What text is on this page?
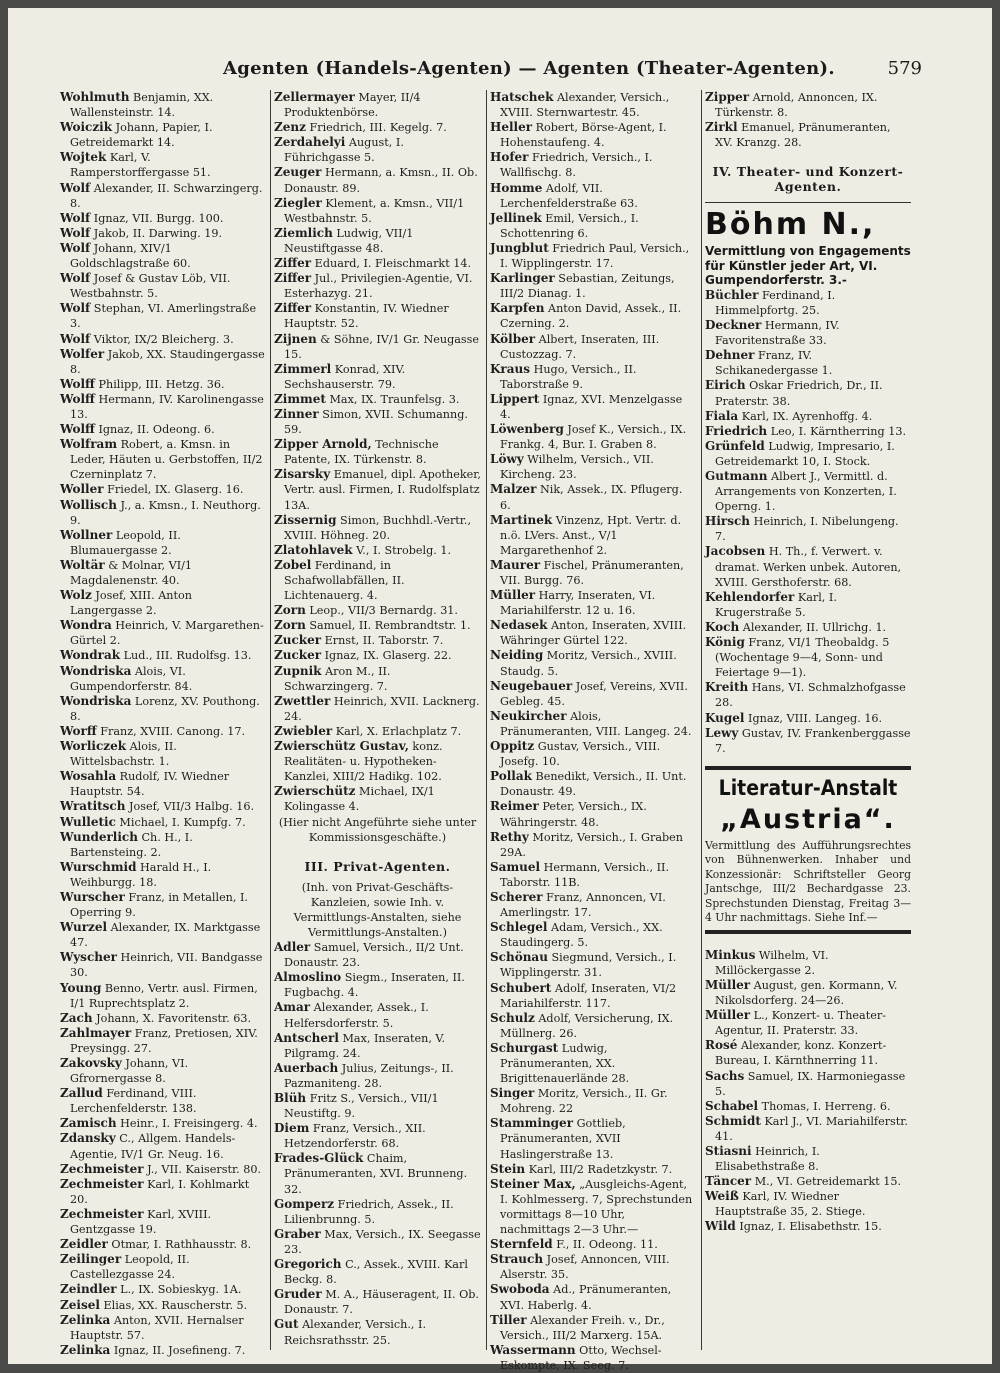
Agenten (Handels-Agenten) — Agenten (Theater-Agenten).	579

Wohlmuth Benjamin, XX. Wallensteinstr. 14.

Woiczik Johann, Papier, I. Getreidemarkt 14.

Wojtek Karl, V. Ramperstorffergasse 51.

Wolf Alexander, II. Schwarzingerg. 8.

Wolf Ignaz, VII. Burgg. 100.

Wolf Jakob, II. Darwing. 19.

Wolf Johann, XIV/1 Goldschlagstraße 60.

Wolf Josef & Gustav Löb, VII. Westbahnstr. 5.

Wolf Stephan, VI. Amerlingstraße 3.

Wolf Viktor, IX/2 Bleicherg. 3.

Wolfer Jakob, XX. Staudingergasse 8.

Wolff Philipp, III. Hetzg. 36.

Wolff Hermann, IV. Karolinengasse 13.

Wolff Ignaz, II. Odeong. 6.

Wolfram Robert, a. Kmsn. in Leder, Häuten u. Gerbstoffen, II/2 Czerninplatz 7.

Woller Friedel, IX. Glaserg. 16.

Wollisch J., a. Kmsn., I. Neuthorg. 9.

Wollner Leopold, II. Blumauergasse 2.

Woltär & Molnar, VI/1 Magdalenenstr. 40.

Wolz Josef, XIII. Anton Langergasse 2.

Wondra Heinrich, V. Margarethen-Gürtel 2.

Wondrak Lud., III. Rudolfsg. 13.

Wondriska Alois, VI. Gumpendorferstr. 84.

Wondriska Lorenz, XV. Pouthong. 8.

Worff Franz, XVIII. Canong. 17.

Worliczek Alois, II. Wittelsbachstr. 1.

Wosahla Rudolf, IV. Wiedner Hauptstr. 54.

Wratitsch Josef, VII/3 Halbg. 16.

Wulletic Michael, I. Kumpfg. 7.

Wunderlich Ch. H., I. Bartensteing. 2.

Wurschmid Harald H., I. Weihburgg. 18.

Wurscher Franz, in Metallen, I. Operring 9.

Wurzel Alexander, IX. Marktgasse 47.

Wyscher Heinrich, VII. Bandgasse 30.

Young Benno, Vertr. ausl. Firmen, I/1 Ruprechtsplatz 2.

Zach Johann, X. Favoritenstr. 63.

Zahlmayer Franz, Pretiosen, XIV. Preysingg. 27.

Zakovsky Johann, VI. Gfrornergasse 8.

Zallud Ferdinand, VIII. Lerchenfelderstr. 138.

Zamisch Heinr., I. Freisingerg. 4.

Zdansky C., Allgem. Handels-Agentie, IV/1 Gr. Neug. 16.

Zechmeister J., VII. Kaiserstr. 80.

Zechmeister Karl, I. Kohlmarkt 20.

Zechmeister Karl, XVIII. Gentzgasse 19.

Zeidler Otmar, I. Rathhausstr. 8.

Zeilinger Leopold, II. Castellezgasse 24.

Zeindler L., IX. Sobieskyg. 1A.

Zeisel Elias, XX. Rauscherstr. 5.

Zelinka Anton, XVII. Hernalser Hauptstr. 57.

Zelinka Ignaz, II. Josefineng. 7.

Zellermayer Mayer, II/4 Produktenbörse.

Zenz Friedrich, III. Kegelg. 7.

Zerdahelyi August, I. Führichgasse 5.

Zeuger Hermann, a. Kmsn., II. Ob. Donaustr. 89.

Ziegler Klement, a. Kmsn., VII/1 Westbahnstr. 5.

Ziemlich Ludwig, VII/1 Neustiftgasse 48.

Ziffer Eduard, I. Fleischmarkt 14.

Ziffer Jul., Privilegien-Agentie, VI. Esterhazyg. 21.

Ziffer Konstantin, IV. Wiedner Hauptstr. 52.

Zijnen & Söhne, IV/1 Gr. Neugasse 15.

Zimmerl Konrad, XIV. Sechshauserstr. 79.

Zimmet Max, IX. Traunfelsg. 3.

Zinner Simon, XVII. Schumanng. 59.

Zipper Arnold, Technische Patente, IX. Türkenstr. 8.

Zisarsky Emanuel, dipl. Apotheker, Vertr. ausl. Firmen, I. Rudolfsplatz 13A.

Zissernig Simon, Buchhdl.-Vertr., XVIII. Höhneg. 20.

Zlatohlavek V., I. Strobelg. 1.

Zobel Ferdinand, in Schafwollabfällen, II. Lichtenauerg. 4.

Zorn Leop., VII/3 Bernardg. 31.

Zorn Samuel, II. Rembrandtstr. 1.

Zucker Ernst, II. Taborstr. 7.

Zucker Ignaz, IX. Glaserg. 22.

Zupnik Aron M., II. Schwarzingerg. 7.

Zwettler Heinrich, XVII. Lacknerg. 24.

Zwiebler Karl, X. Erlachplatz 7.

Zwierschütz Gustav, konz. Realitäten- u. Hypotheken-Kanzlei, XIII/2 Hadikg. 102.

Zwierschütz Michael, IX/1 Kolingasse 4.

(Hier nicht Angeführte siehe unter Kommissionsgeschäfte.)
III. Privat-Agenten.
(Inh. von Privat-Geschäfts-Kanzleien, sowie Inh. v. Vermittlungs-Anstalten, siehe Vermittlungs-Anstalten.)

Adler Samuel, Versich., II/2 Unt. Donaustr. 23.

Almoslino Siegm., Inseraten, II. Fugbachg. 4.

Amar Alexander, Assek., I. Helfersdorferstr. 5.

Antscherl Max, Inseraten, V. Pilgramg. 24.

Auerbach Julius, Zeitungs-, II. Pazmaniteng. 28.

Blüh Fritz S., Versich., VII/1 Neustiftg. 9.

Diem Franz, Versich., XII. Hetzendorferstr. 68.

Frades-Glück Chaim, Pränumeranten, XVI. Brunneng. 32.

Gomperz Friedrich, Assek., II. Lilienbrunng. 5.

Graber Max, Versich., IX. Seegasse 23.

Gregorich C., Assek., XVIII. Karl Beckg. 8.

Gruder M. A., Häuseragent, II. Ob. Donaustr. 7.

Gut Alexander, Versich., I. Reichsrathsstr. 25.

Hatschek Alexander, Versich., XVIII. Sternwartestr. 45.

Heller Robert, Börse-Agent, I. Hohenstaufeng. 4.

Hofer Friedrich, Versich., I. Wallfischg. 8.

Homme Adolf, VII. Lerchenfelderstraße 63.

Jellinek Emil, Versich., I. Schottenring 6.

Jungblut Friedrich Paul, Versich., I. Wipplingerstr. 17.

Karlinger Sebastian, Zeitungs, III/2 Dianag. 1.

Karpfen Anton David, Assek., II. Czerning. 2.

Kölber Albert, Inseraten, III. Custozzag. 7.

Kraus Hugo, Versich., II. Taborstraße 9.

Lippert Ignaz, XVI. Menzelgasse 4.

Löwenberg Josef K., Versich., IX. Frankg. 4, Bur. I. Graben 8.

Löwy Wilhelm, Versich., VII. Kircheng. 23.

Malzer Nik, Assek., IX. Pflugerg. 6.

Martinek Vinzenz, Hpt. Vertr. d. n.ö. LVers. Anst., V/1 Margarethenhof 2.

Maurer Fischel, Pränumeranten, VII. Burgg. 76.

Müller Harry, Inseraten, VI. Mariahilferstr. 12 u. 16.

Nedasek Anton, Inseraten, XVIII. Währinger Gürtel 122.

Neiding Moritz, Versich., XVIII. Staudg. 5.

Neugebauer Josef, Vereins, XVII. Gebleg. 45.

Neukircher Alois, Pränumeranten, VIII. Langeg. 24.

Oppitz Gustav, Versich., VIII. Josefg. 10.

Pollak Benedikt, Versich., II. Unt. Donaustr. 49.

Reimer Peter, Versich., IX. Währingerstr. 48.

Rethy Moritz, Versich., I. Graben 29A.

Samuel Hermann, Versich., II. Taborstr. 11B.

Scherer Franz, Annoncen, VI. Amerlingstr. 17.

Schlegel Adam, Versich., XX. Staudingerg. 5.

Schönau Siegmund, Versich., I. Wipplingerstr. 31.

Schubert Adolf, Inseraten, VI/2 Mariahilferstr. 117.

Schulz Adolf, Versicherung, IX. Müllnerg. 26.

Schurgast Ludwig, Pränumeranten, XX. Brigittenauerlände 28.

Singer Moritz, Versich., II. Gr. Mohreng. 22

Stamminger Gottlieb, Pränumeranten, XVII Haslingerstraße 13.

Stein Karl, III/2 Radetzkystr. 7.

Steiner Max, „Ausgleichs-Agent, I. Kohlmesserg. 7, Sprechstunden vormittags 8—10 Uhr, nachmittags 2—3 Uhr.—

Sternfeld F., II. Odeong. 11.

Strauch Josef, Annoncen, VIII. Alserstr. 35.

Swoboda Ad., Pränumeranten, XVI. Haberlg. 4.

Tiller Alexander Freih. v., Dr., Versich., III/2 Marxerg. 15A.

Wassermann Otto, Wechsel-Eskompte, IX. Seeg. 7.

Zipper Arnold, Annoncen, IX. Türkenstr. 8.

Zirkl Emanuel, Pränumeranten, XV. Kranzg. 28.

IV. Theater- und Konzert-Agenten.
Böhm N.,
Vermittlung von Engagements für Künstler jeder Art, VI. Gumpendorferstr. 3.-

Büchler Ferdinand, I. Himmelpfortg. 25.

Deckner Hermann, IV. Favoritenstraße 33.

Dehner Franz, IV. Schikanedergasse 1.

Eirich Oskar Friedrich, Dr., II. Praterstr. 38.

Fiala Karl, IX. Ayrenhoffg. 4.

Friedrich Leo, I. Kärntherring 13.

Grünfeld Ludwig, Impresario, I. Getreidemarkt 10, I. Stock.

Gutmann Albert J., Vermittl. d. Arrangements von Konzerten, I. Operng. 1.

Hirsch Heinrich, I. Nibelungeng. 7.

Jacobsen H. Th., f. Verwert. v. dramat. Werken unbek. Autoren, XVIII. Gersthoferstr. 68.

Kehlendorfer Karl, I. Krugerstraße 5.

Koch Alexander, II. Ullrichg. 1.

König Franz, VI/1 Theobaldg. 5 (Wochentage 9—4, Sonn- und Feiertage 9—1).

Kreith Hans, VI. Schmalzhofgasse 28.

Kugel Ignaz, VIII. Langeg. 16.

Lewy Gustav, IV. Frankenberggasse 7.

Literatur-Anstalt
„Austria“.
Vermittlung des Aufführungsrechtes von Bühnenwerken. Inhaber und Konzessionär: Schriftsteller Georg Jantschge, III/2 Bechardgasse 23. Sprechstunden Dienstag, Freitag 3—4 Uhr nachmittags. Siehe Inf.—

Minkus Wilhelm, VI. Millöckergasse 2.

Müller August, gen. Kormann, V. Nikolsdorferg. 24—26.

Müller L., Konzert- u. Theater-Agentur, II. Praterstr. 33.

Rosé Alexander, konz. Konzert-Bureau, I. Kärnthnerring 11.

Sachs Samuel, IX. Harmoniegasse 5.

Schabel Thomas, I. Herreng. 6.

Schmidt Karl J., VI. Mariahilferstr. 41.

Stiasni Heinrich, I. Elisabethstraße 8.

Täncer M., VI. Getreidemarkt 15.

Weiß Karl, IV. Wiedner Hauptstraße 35, 2. Stiege.

Wild Ignaz, I. Elisabethstr. 15.
